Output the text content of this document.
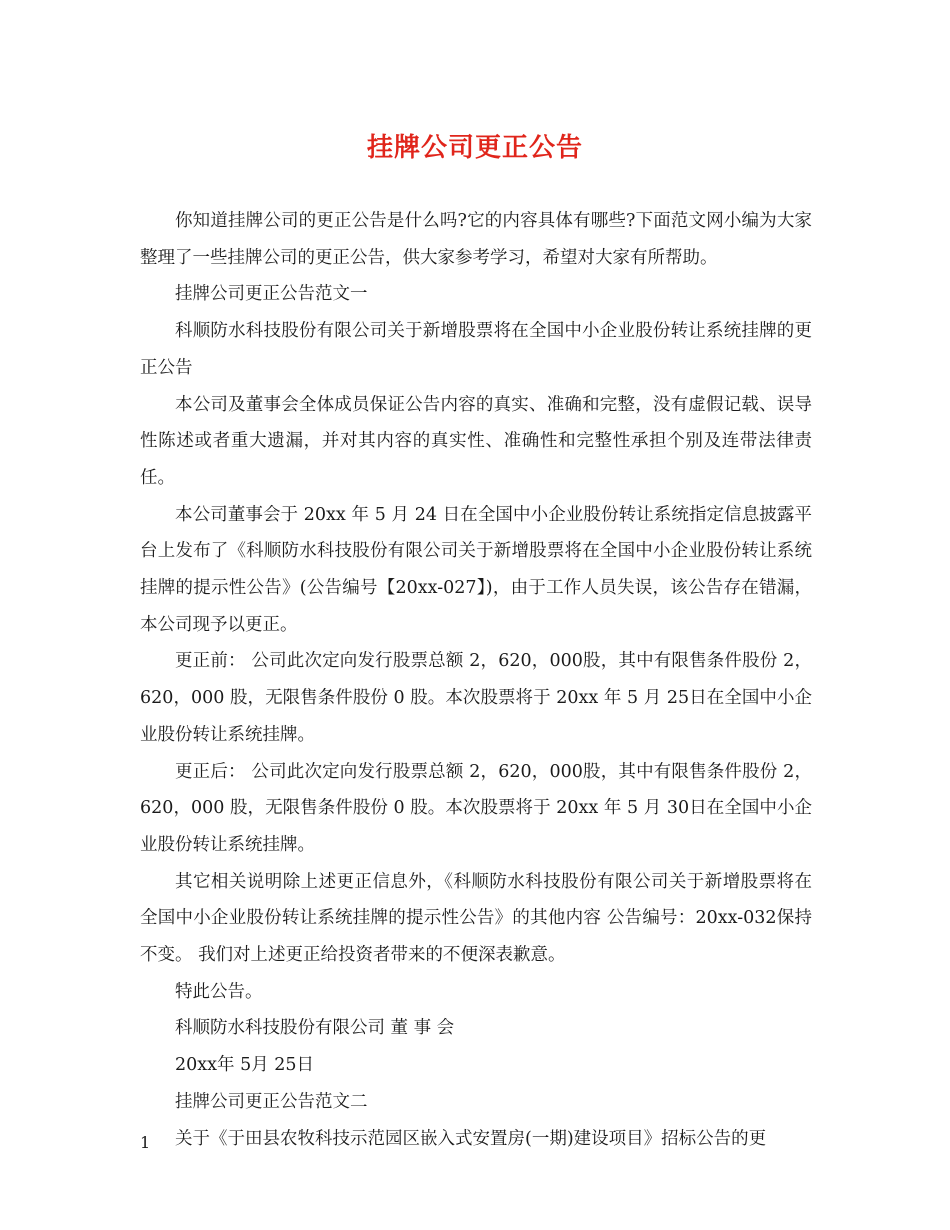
挂牌公司更正公告

你知道挂牌公司的更正公告是什么吗?它的内容具体有哪些?下面范文网小编为大家整理了一些挂牌公司的更正公告，供大家参考学习，希望对大家有所帮助。

挂牌公司更正公告范文一

科顺防水科技股份有限公司关于新增股票将在全国中小企业股份转让系统挂牌的更正公告

本公司及董事会全体成员保证公告内容的真实、准确和完整，没有虚假记载、误导性陈述或者重大遗漏，并对其内容的真实性、准确性和完整性承担个别及连带法律责任。

本公司董事会于 20xx 年 5 月 24 日在全国中小企业股份转让系统指定信息披露平台上发布了《科顺防水科技股份有限公司关于新增股票将在全国中小企业股份转让系统挂牌的提示性公告》(公告编号【20xx-027】)，由于工作人员失误，该公告存在错漏，本公司现予以更正。

更正前： 公司此次定向发行股票总额 2，620，000股，其中有限售条件股份 2，620，000 股，无限售条件股份 0 股。本次股票将于 20xx 年 5 月 25日在全国中小企业股份转让系统挂牌。

更正后： 公司此次定向发行股票总额 2，620，000股，其中有限售条件股份 2，620，000 股，无限售条件股份 0 股。本次股票将于 20xx 年 5 月 30日在全国中小企业股份转让系统挂牌。

其它相关说明除上述更正信息外，《科顺防水科技股份有限公司关于新增股票将在全国中小企业股份转让系统挂牌的提示性公告》的其他内容 公告编号：20xx-032保持不变。 我们对上述更正给投资者带来的不便深表歉意。

特此公告。

科顺防水科技股份有限公司 董 事 会

20xx年 5月 25日

挂牌公司更正公告范文二

关于《于田县农牧科技示范园区嵌入式安置房(一期)建设项目》招标公告的更

1
